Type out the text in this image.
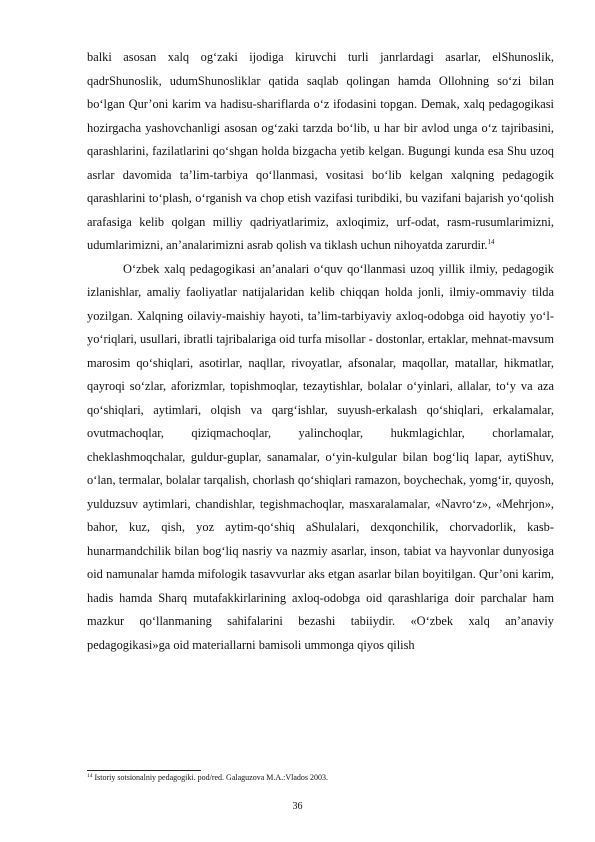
balki asosan xalq og‘zaki ijodiga kiruvchi turli janrlardagi asarlar, elShunoslik, qadrShunoslik, udumShunosliklar qatida saqlab qolingan hamda Ollohning so‘zi bilan bo‘lgan Qur’oni karim va hadisu-shariflarda o‘z ifodasini topgan. Demak, xalq pedagogikasi hozirgacha yashovchanligi asosan og‘zaki tarzda bo‘lib, u har bir avlod unga o‘z tajribasini, qarashlarini, fazilatlarini qo‘shgan holda bizgacha yetib kelgan. Bugungi kunda esa Shu uzoq asrlar davomida ta’lim-tarbiya qo‘llanmasi, vositasi bo‘lib kelgan xalqning pedagogik qarashlarini to‘plash, o‘rganish va chop etish vazifasi turibdiki, bu vazifani bajarish yo‘qolish arafasiga kelib qolgan milliy qadriyatlarimiz, axloqimiz, urf-odat, rasm-rusumlarimizni, udumlarimizni, an’analarimizni asrab qolish va tiklash uchun nihoyatda zarurdir.$^{14}$

O‘zbek xalq pedagogikasi an’analari o‘quv qo‘llanmasi uzoq yillik ilmiy, pedagogik izlanishlar, amaliy faoliyatlar natijalaridan kelib chiqqan holda jonli, ilmiy-ommaviy tilda yozilgan. Xalqning oilaviy-maishiy hayoti, ta’lim-tarbiyaviy axloq-odobga oid hayotiy yo‘l-yo‘riqlari, usullari, ibratli tajribalariga oid turfa misollar - dostonlar, ertaklar, mehnat-mavsum marosim qo‘shiqlari, asotirlar, naqllar, rivoyatlar, afsonalar, maqollar, matallar, hikmatlar, qayroqi so‘zlar, aforizmlar, topishmoqlar, tezaytishlar, bolalar o‘yinlari, allalar, to‘y va aza qo‘shiqlari, aytimlari, olqish va qarg‘ishlar, suyush-erkalash qo‘shiqlari, erkalamalar, ovutmachoqlar, qiziqmachoqlar, yalinchoqlar, hukmlagichlar, chorlamalar, cheklashmoqchalar, guldur-guplar, sanamalar, o‘yin-kulgular bilan bog‘liq lapar, aytiShuv, o‘lan, termalar, bolalar tarqalish, chorlash qo‘shiqlari ramazon, boychechak, yomg‘ir, quyosh, yulduzsuv aytimlari, chandishlar, tegishmachoqlar, masxaralamalar, «Navro‘z», «Mehrjon», bahor, kuz, qish, yoz aytim-qo‘shiq aShulalari, dexqonchilik, chorvadorlik, kasb-hunarmandchilik bilan bog‘liq nasriy va nazmiy asarlar, inson, tabiat va hayvonlar dunyosiga oid namunalar hamda mifologik tasavvurlar aks etgan asarlar bilan boyitilgan. Qur’oni karim, hadis hamda Sharq mutafakkirlarining axloq-odobga oid qarashlariga doir parchalar ham mazkur qo‘llanmaning sahifalarini bezashi tabiiydir. «O‘zbek xalq an’anaviy pedagogikasi»ga oid materiallarni bamisoli ummonga qiyos qilish

$^{14}$ Istoriy sotsionalniy pedagogiki. pod/red. Galaguzova M.A.:Vlados 2003.
36
